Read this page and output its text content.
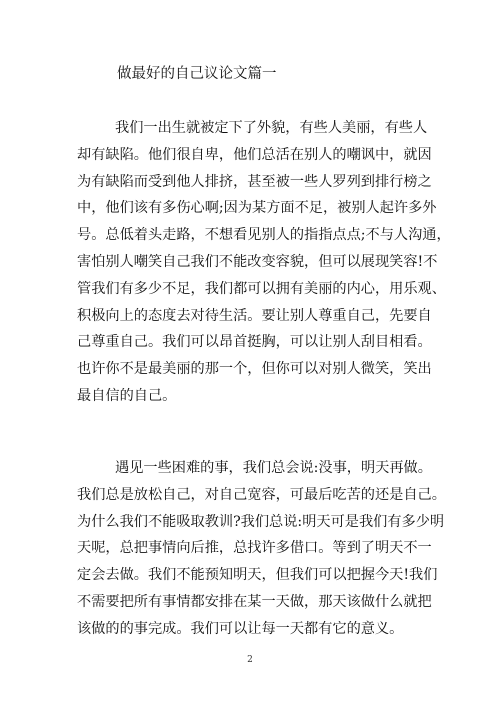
做最好的自己议论文篇一
我们一出生就被定下了外貌，有些人美丽，有些人
却有缺陷。他们很自卑，他们总活在别人的嘲讽中，就因
为有缺陷而受到他人排挤，甚至被一些人罗列到排行榜之
中，他们该有多伤心啊;因为某方面不足，被别人起许多外
号。总低着头走路，不想看见别人的指指点点;不与人沟通，
害怕别人嘲笑自己我们不能改变容貌，但可以展现笑容!不
管我们有多少不足，我们都可以拥有美丽的内心，用乐观、
积极向上的态度去对待生活。要让别人尊重自己，先要自
己尊重自己。我们可以昂首挺胸，可以让别人刮目相看。
也许你不是最美丽的那一个，但你可以对别人微笑，笑出
最自信的自己。
遇见一些困难的事，我们总会说:没事，明天再做。
我们总是放松自己，对自己宽容，可最后吃苦的还是自己。
为什么我们不能吸取教训?我们总说:明天可是我们有多少明
天呢，总把事情向后推，总找许多借口。等到了明天不一
定会去做。我们不能预知明天，但我们可以把握今天!我们
不需要把所有事情都安排在某一天做，那天该做什么就把
该做的的事完成。我们可以让每一天都有它的意义。
2
